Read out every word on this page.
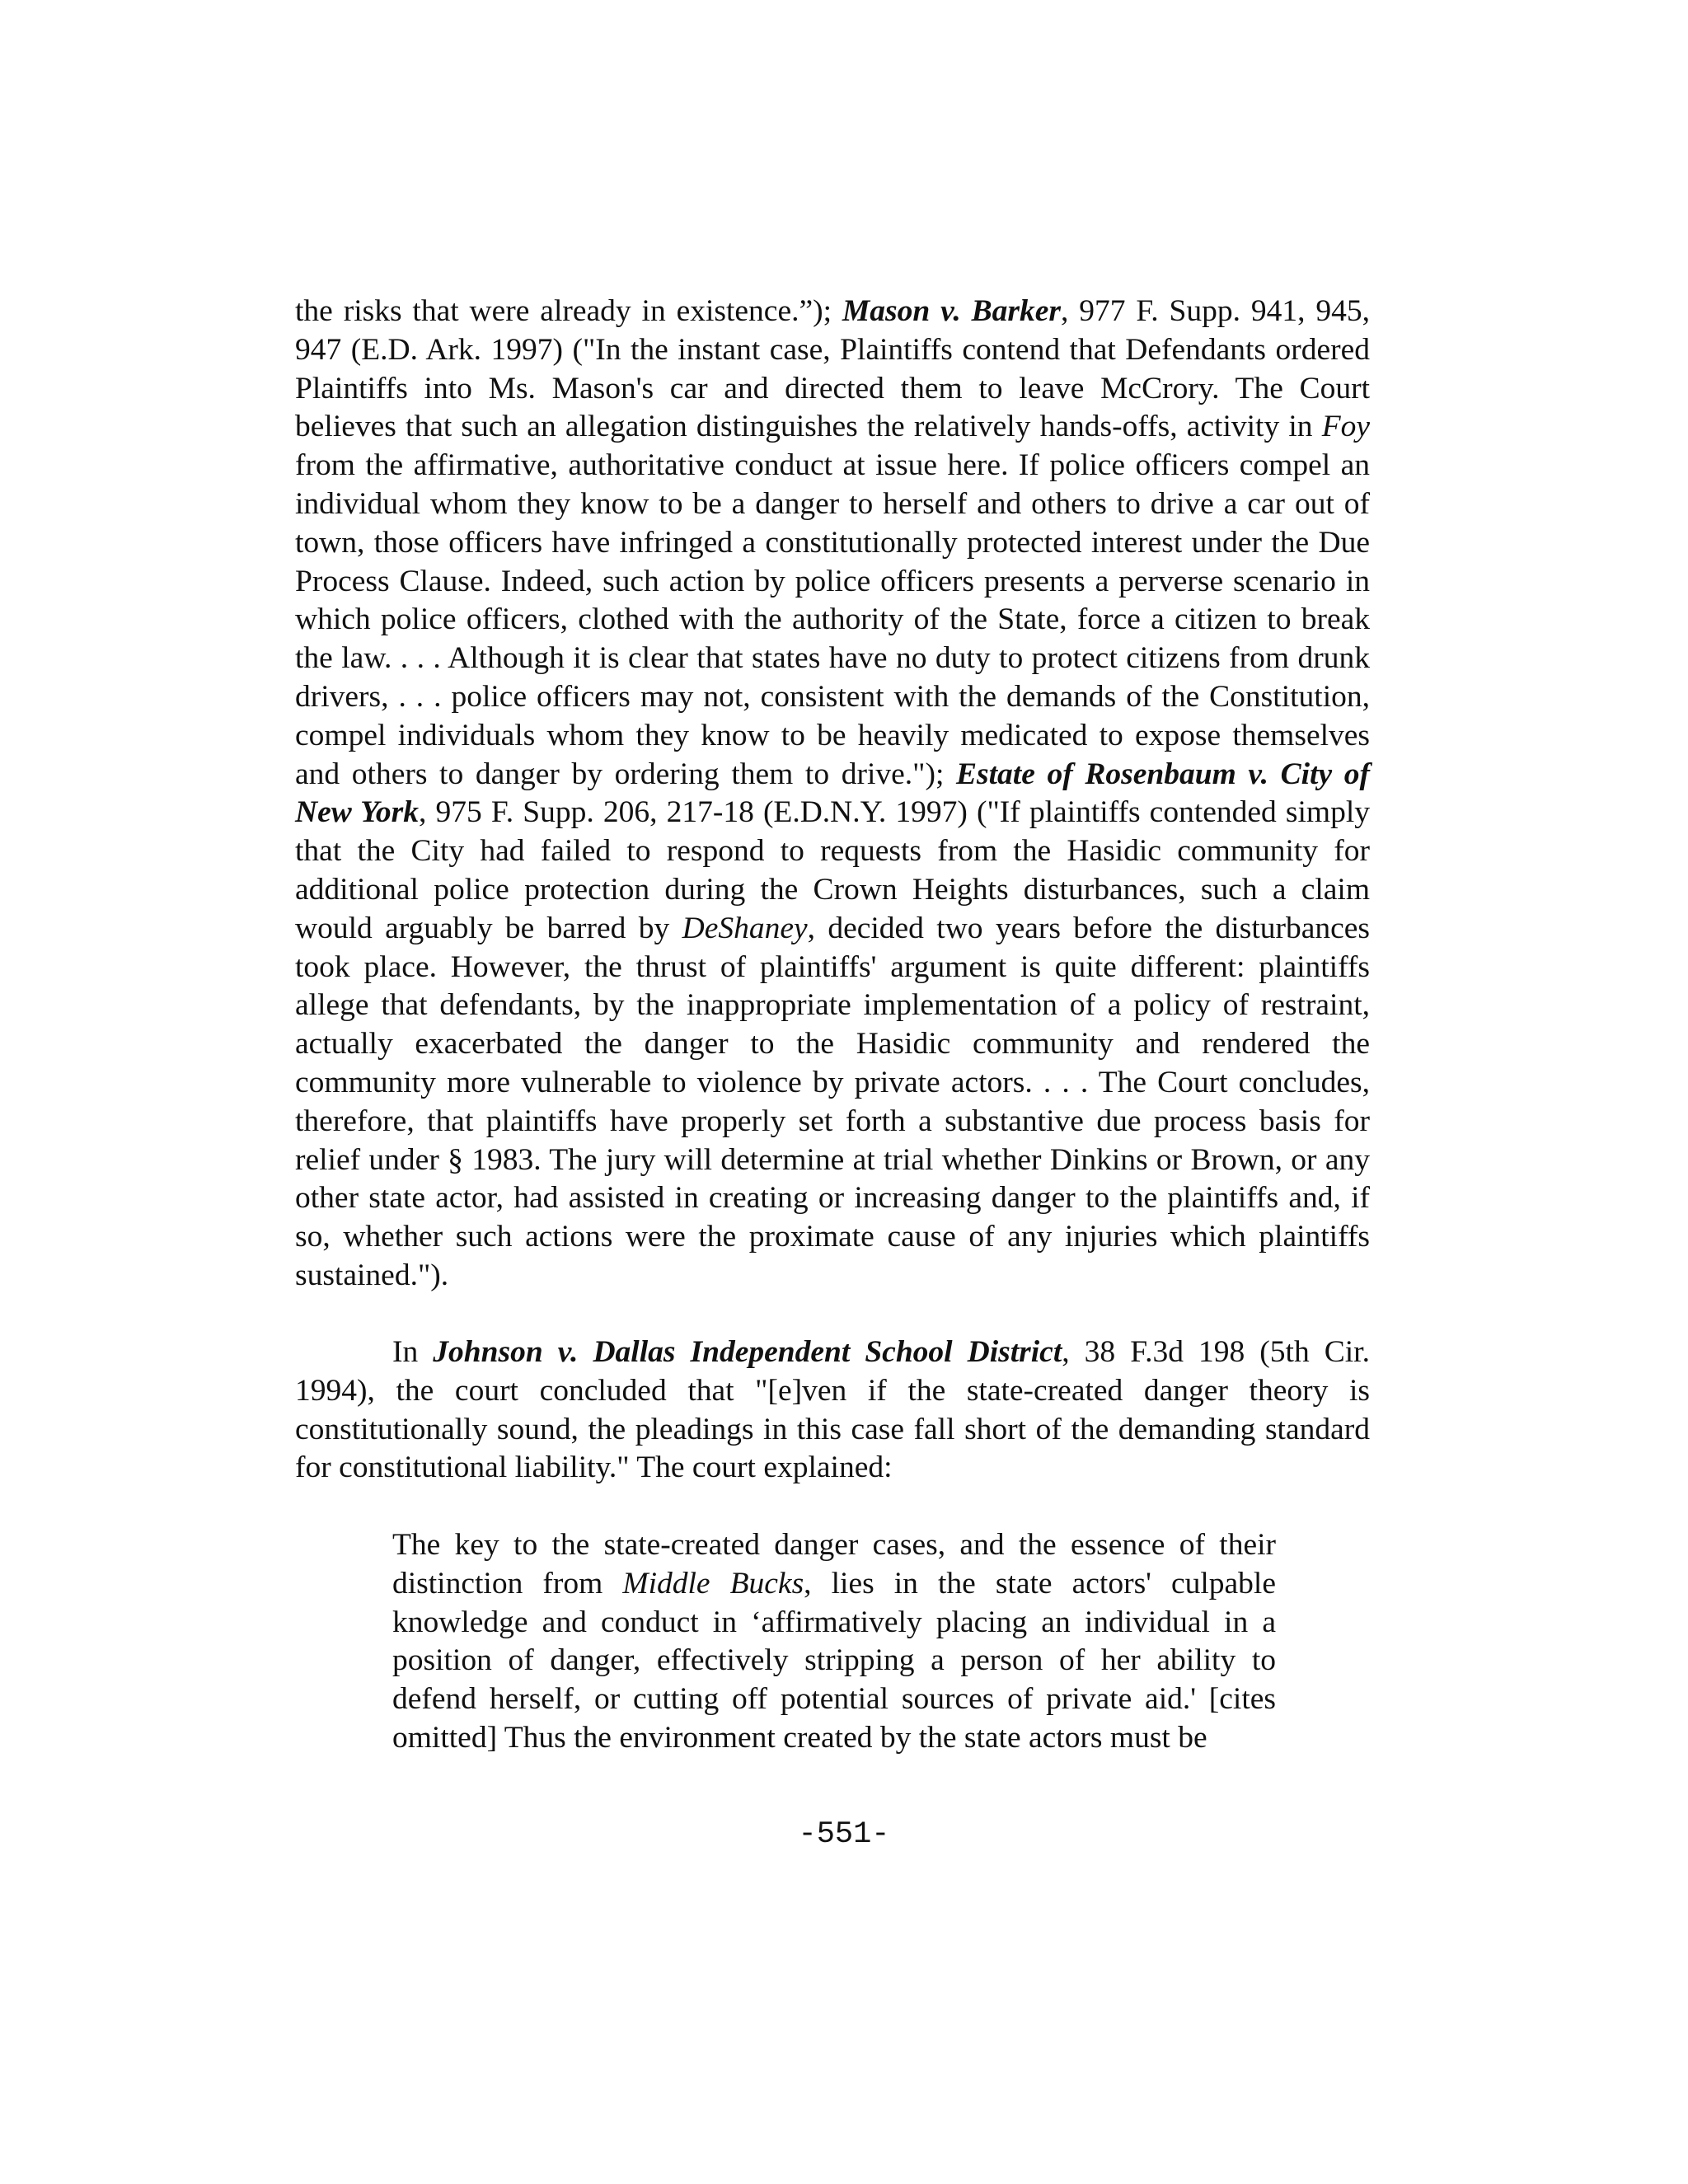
the risks that were already in existence.”); Mason v. Barker, 977 F. Supp. 941, 945, 947 (E.D. Ark. 1997) ("In the instant case, Plaintiffs contend that Defendants ordered Plaintiffs into Ms. Mason's car and directed them to leave McCrory. The Court believes that such an allegation distinguishes the relatively hands-offs, activity in Foy from the affirmative, authoritative conduct at issue here. If police officers compel an individual whom they know to be a danger to herself and others to drive a car out of town, those officers have infringed a constitutionally protected interest under the Due Process Clause. Indeed, such action by police officers presents a perverse scenario in which police officers, clothed with the authority of the State, force a citizen to break the law. . . . Although it is clear that states have no duty to protect citizens from drunk drivers, . . . police officers may not, consistent with the demands of the Constitution, compel individuals whom they know to be heavily medicated to expose themselves and others to danger by ordering them to drive."); Estate of Rosenbaum v. City of New York, 975 F. Supp. 206, 217-18 (E.D.N.Y. 1997) ("If plaintiffs contended simply that the City had failed to respond to requests from the Hasidic community for additional police protection during the Crown Heights disturbances, such a claim would arguably be barred by DeShaney, decided two years before the disturbances took place. However, the thrust of plaintiffs' argument is quite different: plaintiffs allege that defendants, by the inappropriate implementation of a policy of restraint, actually exacerbated the danger to the Hasidic community and rendered the community more vulnerable to violence by private actors. . . . The Court concludes, therefore, that plaintiffs have properly set forth a substantive due process basis for relief under § 1983. The jury will determine at trial whether Dinkins or Brown, or any other state actor, had assisted in creating or increasing danger to the plaintiffs and, if so, whether such actions were the proximate cause of any injuries which plaintiffs sustained.").
In Johnson v. Dallas Independent School District, 38 F.3d 198 (5th Cir. 1994), the court concluded that "[e]ven if the state-created danger theory is constitutionally sound, the pleadings in this case fall short of the demanding standard for constitutional liability." The court explained:
The key to the state-created danger cases, and the essence of their distinction from Middle Bucks, lies in the state actors' culpable knowledge and conduct in ‘affirmatively placing an individual in a position of danger, effectively stripping a person of her ability to defend herself, or cutting off potential sources of private aid.' [cites omitted] Thus the environment created by the state actors must be
-551-
